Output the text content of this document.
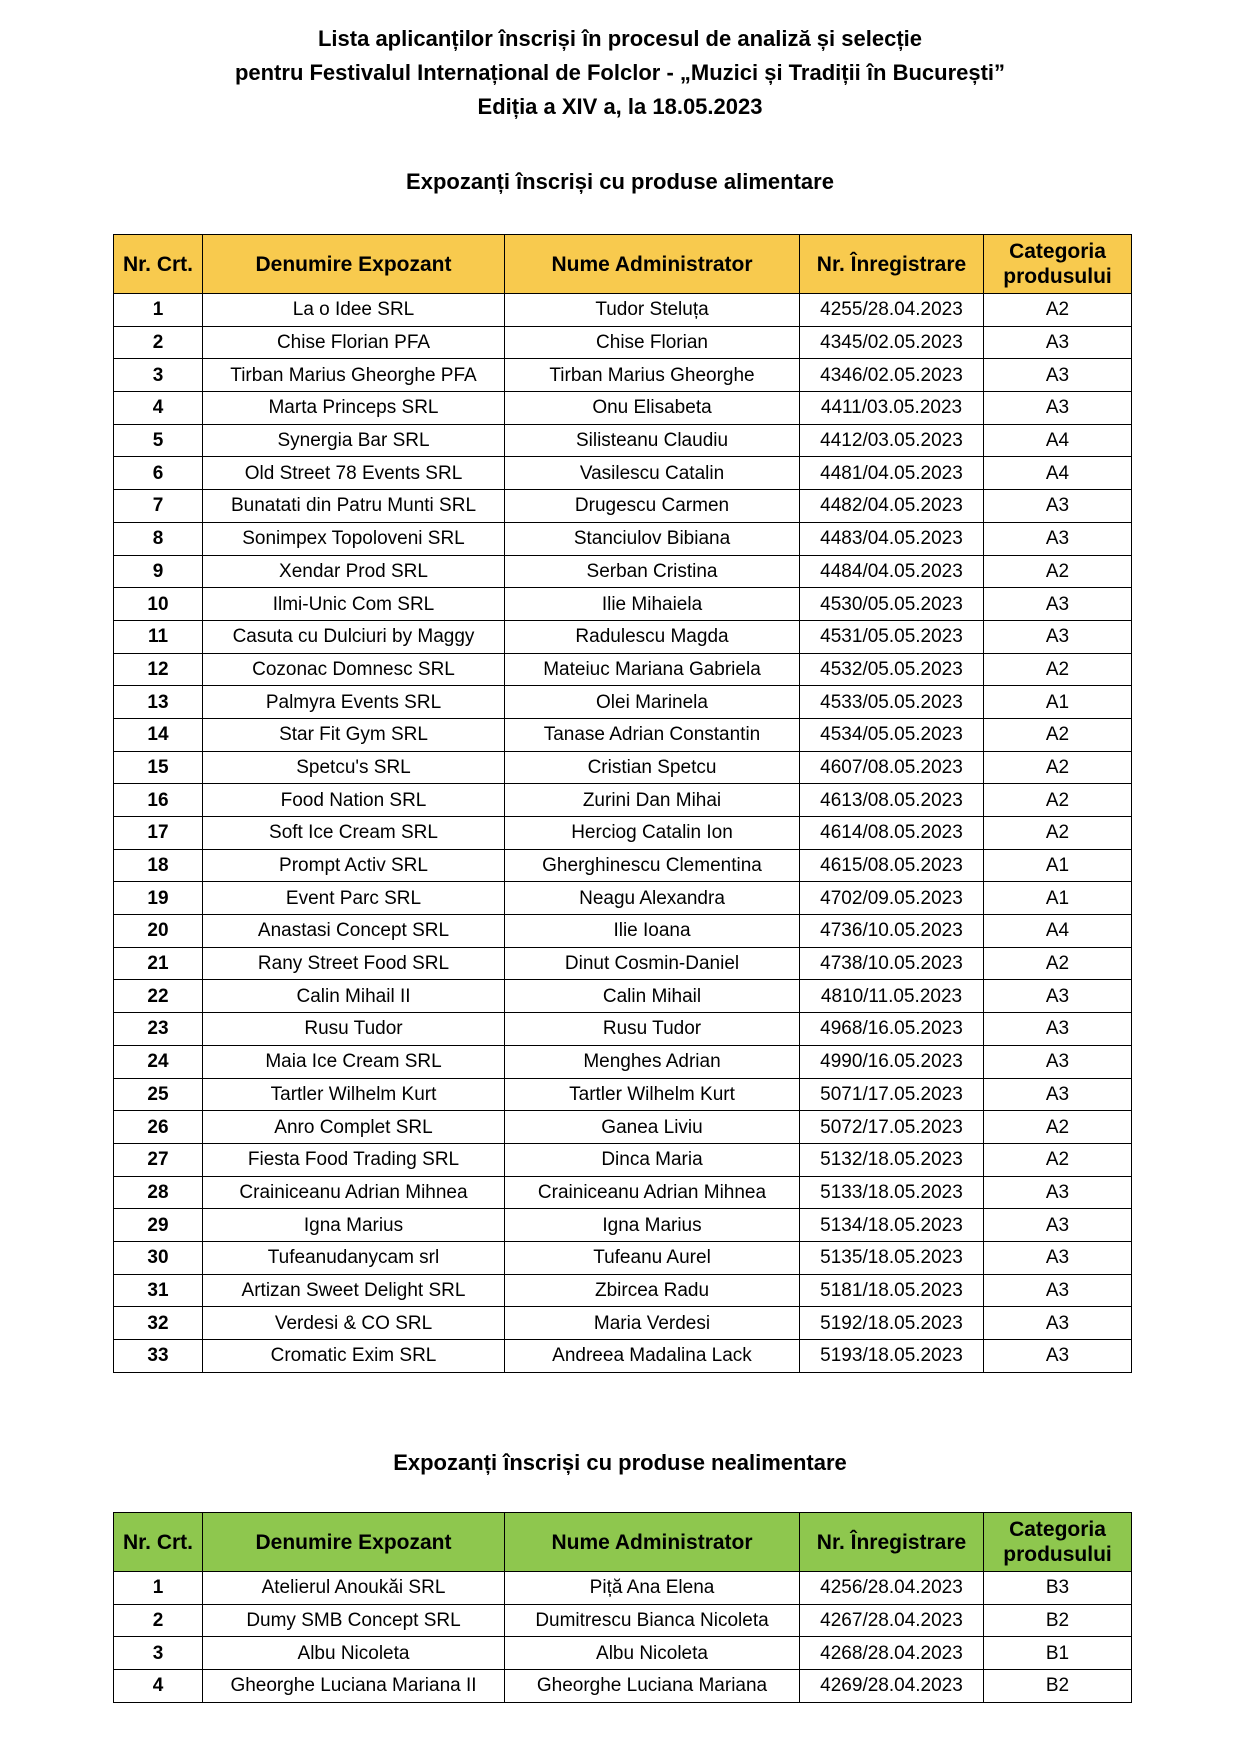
Lista aplicanților înscriși în procesul de analiză și selecție
pentru Festivalul Internațional de Folclor - „Muzici și Tradiții în București”
Ediția a XIV a, la 18.05.2023
Expozanți înscriși cu produse alimentare
Nr. Crt.	Denumire Expozant	Nume Administrator	Nr. Înregistrare	Categoria
produsului
1	La o Idee SRL	Tudor Steluța	4255/28.04.2023	A2
2	Chise Florian PFA	Chise Florian	4345/02.05.2023	A3
3	Tirban Marius Gheorghe PFA	Tirban Marius Gheorghe	4346/02.05.2023	A3
4	Marta Princeps SRL	Onu Elisabeta	4411/03.05.2023	A3
5	Synergia Bar SRL	Silisteanu Claudiu	4412/03.05.2023	A4
6	Old Street 78 Events SRL	Vasilescu Catalin	4481/04.05.2023	A4
7	Bunatati din Patru Munti SRL	Drugescu Carmen	4482/04.05.2023	A3
8	Sonimpex Topoloveni SRL	Stanciulov Bibiana	4483/04.05.2023	A3
9	Xendar Prod SRL	Serban Cristina	4484/04.05.2023	A2
10	Ilmi-Unic Com SRL	Ilie Mihaiela	4530/05.05.2023	A3
11	Casuta cu Dulciuri by Maggy	Radulescu Magda	4531/05.05.2023	A3
12	Cozonac Domnesc SRL	Mateiuc Mariana Gabriela	4532/05.05.2023	A2
13	Palmyra Events SRL	Olei Marinela	4533/05.05.2023	A1
14	Star Fit Gym SRL	Tanase Adrian Constantin	4534/05.05.2023	A2
15	Spetcu's SRL	Cristian Spetcu	4607/08.05.2023	A2
16	Food Nation SRL	Zurini Dan Mihai	4613/08.05.2023	A2
17	Soft Ice Cream SRL	Herciog Catalin Ion	4614/08.05.2023	A2
18	Prompt Activ SRL	Gherghinescu Clementina	4615/08.05.2023	A1
19	Event Parc SRL	Neagu Alexandra	4702/09.05.2023	A1
20	Anastasi Concept SRL	Ilie Ioana	4736/10.05.2023	A4
21	Rany Street Food SRL	Dinut Cosmin-Daniel	4738/10.05.2023	A2
22	Calin Mihail II	Calin Mihail	4810/11.05.2023	A3
23	Rusu Tudor	Rusu Tudor	4968/16.05.2023	A3
24	Maia Ice Cream SRL	Menghes Adrian	4990/16.05.2023	A3
25	Tartler Wilhelm Kurt	Tartler Wilhelm Kurt	5071/17.05.2023	A3
26	Anro Complet SRL	Ganea Liviu	5072/17.05.2023	A2
27	Fiesta Food Trading SRL	Dinca Maria	5132/18.05.2023	A2
28	Crainiceanu Adrian Mihnea	Crainiceanu Adrian Mihnea	5133/18.05.2023	A3
29	Igna Marius	Igna Marius	5134/18.05.2023	A3
30	Tufeanudanycam srl	Tufeanu Aurel	5135/18.05.2023	A3
31	Artizan Sweet Delight SRL	Zbircea Radu	5181/18.05.2023	A3
32	Verdesi & CO SRL	Maria Verdesi	5192/18.05.2023	A3
33	Cromatic Exim SRL	Andreea Madalina Lack	5193/18.05.2023	A3
Expozanți înscriși cu produse nealimentare
Nr. Crt.	Denumire Expozant	Nume Administrator	Nr. Înregistrare	Categoria
produsului
1	Atelierul Anoukăi SRL	Piță Ana Elena	4256/28.04.2023	B3
2	Dumy SMB Concept SRL	Dumitrescu Bianca Nicoleta	4267/28.04.2023	B2
3	Albu Nicoleta	Albu Nicoleta	4268/28.04.2023	B1
4	Gheorghe Luciana Mariana II	Gheorghe Luciana Mariana	4269/28.04.2023	B2
